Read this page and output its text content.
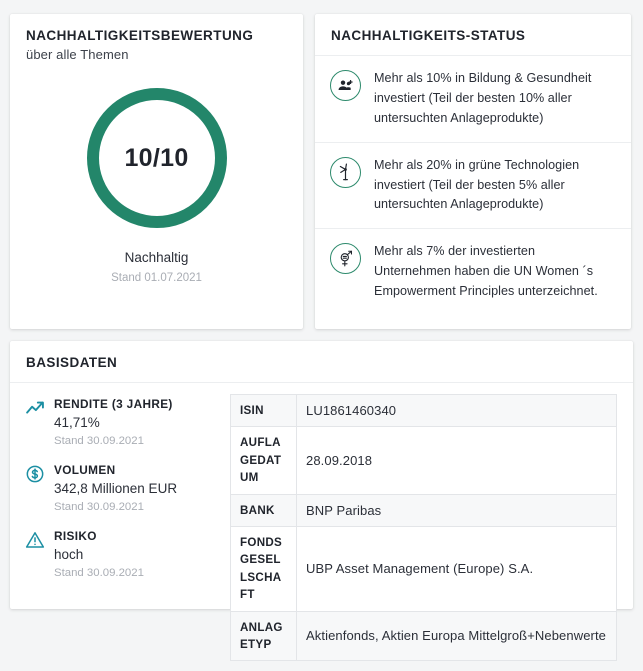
NACHHALTIGKEITSBEWERTUNG
über alle Themen
10/10
Nachhaltig
Stand 01.07.2021
NACHHALTIGKEITS-STATUS
Mehr als 10% in Bildung & Gesundheit investiert (Teil der besten 10% aller untersuchten Anlageprodukte)
Mehr als 20% in grüne Technologien investiert (Teil der besten 5% aller untersuchten Anlageprodukte)
Mehr als 7% der investierten Unternehmen haben die UN Women ´s Empowerment Principles unterzeichnet.
BASISDATEN
RENDITE (3 JAHRE)
41,71%
Stand 30.09.2021
VOLUMEN
342,8 Millionen EUR
Stand 30.09.2021
RISIKO
hoch
Stand 30.09.2021
ISIN	LU1861460340
AUFLAGEDATUM	28.09.2018
BANK	BNP Paribas
FONDSGESELLSCHAFT	UBP Asset Management (Europe) S.A.
ANLAGETYP	Aktienfonds, Aktien Europa Mittelgroß+Nebenwerte
